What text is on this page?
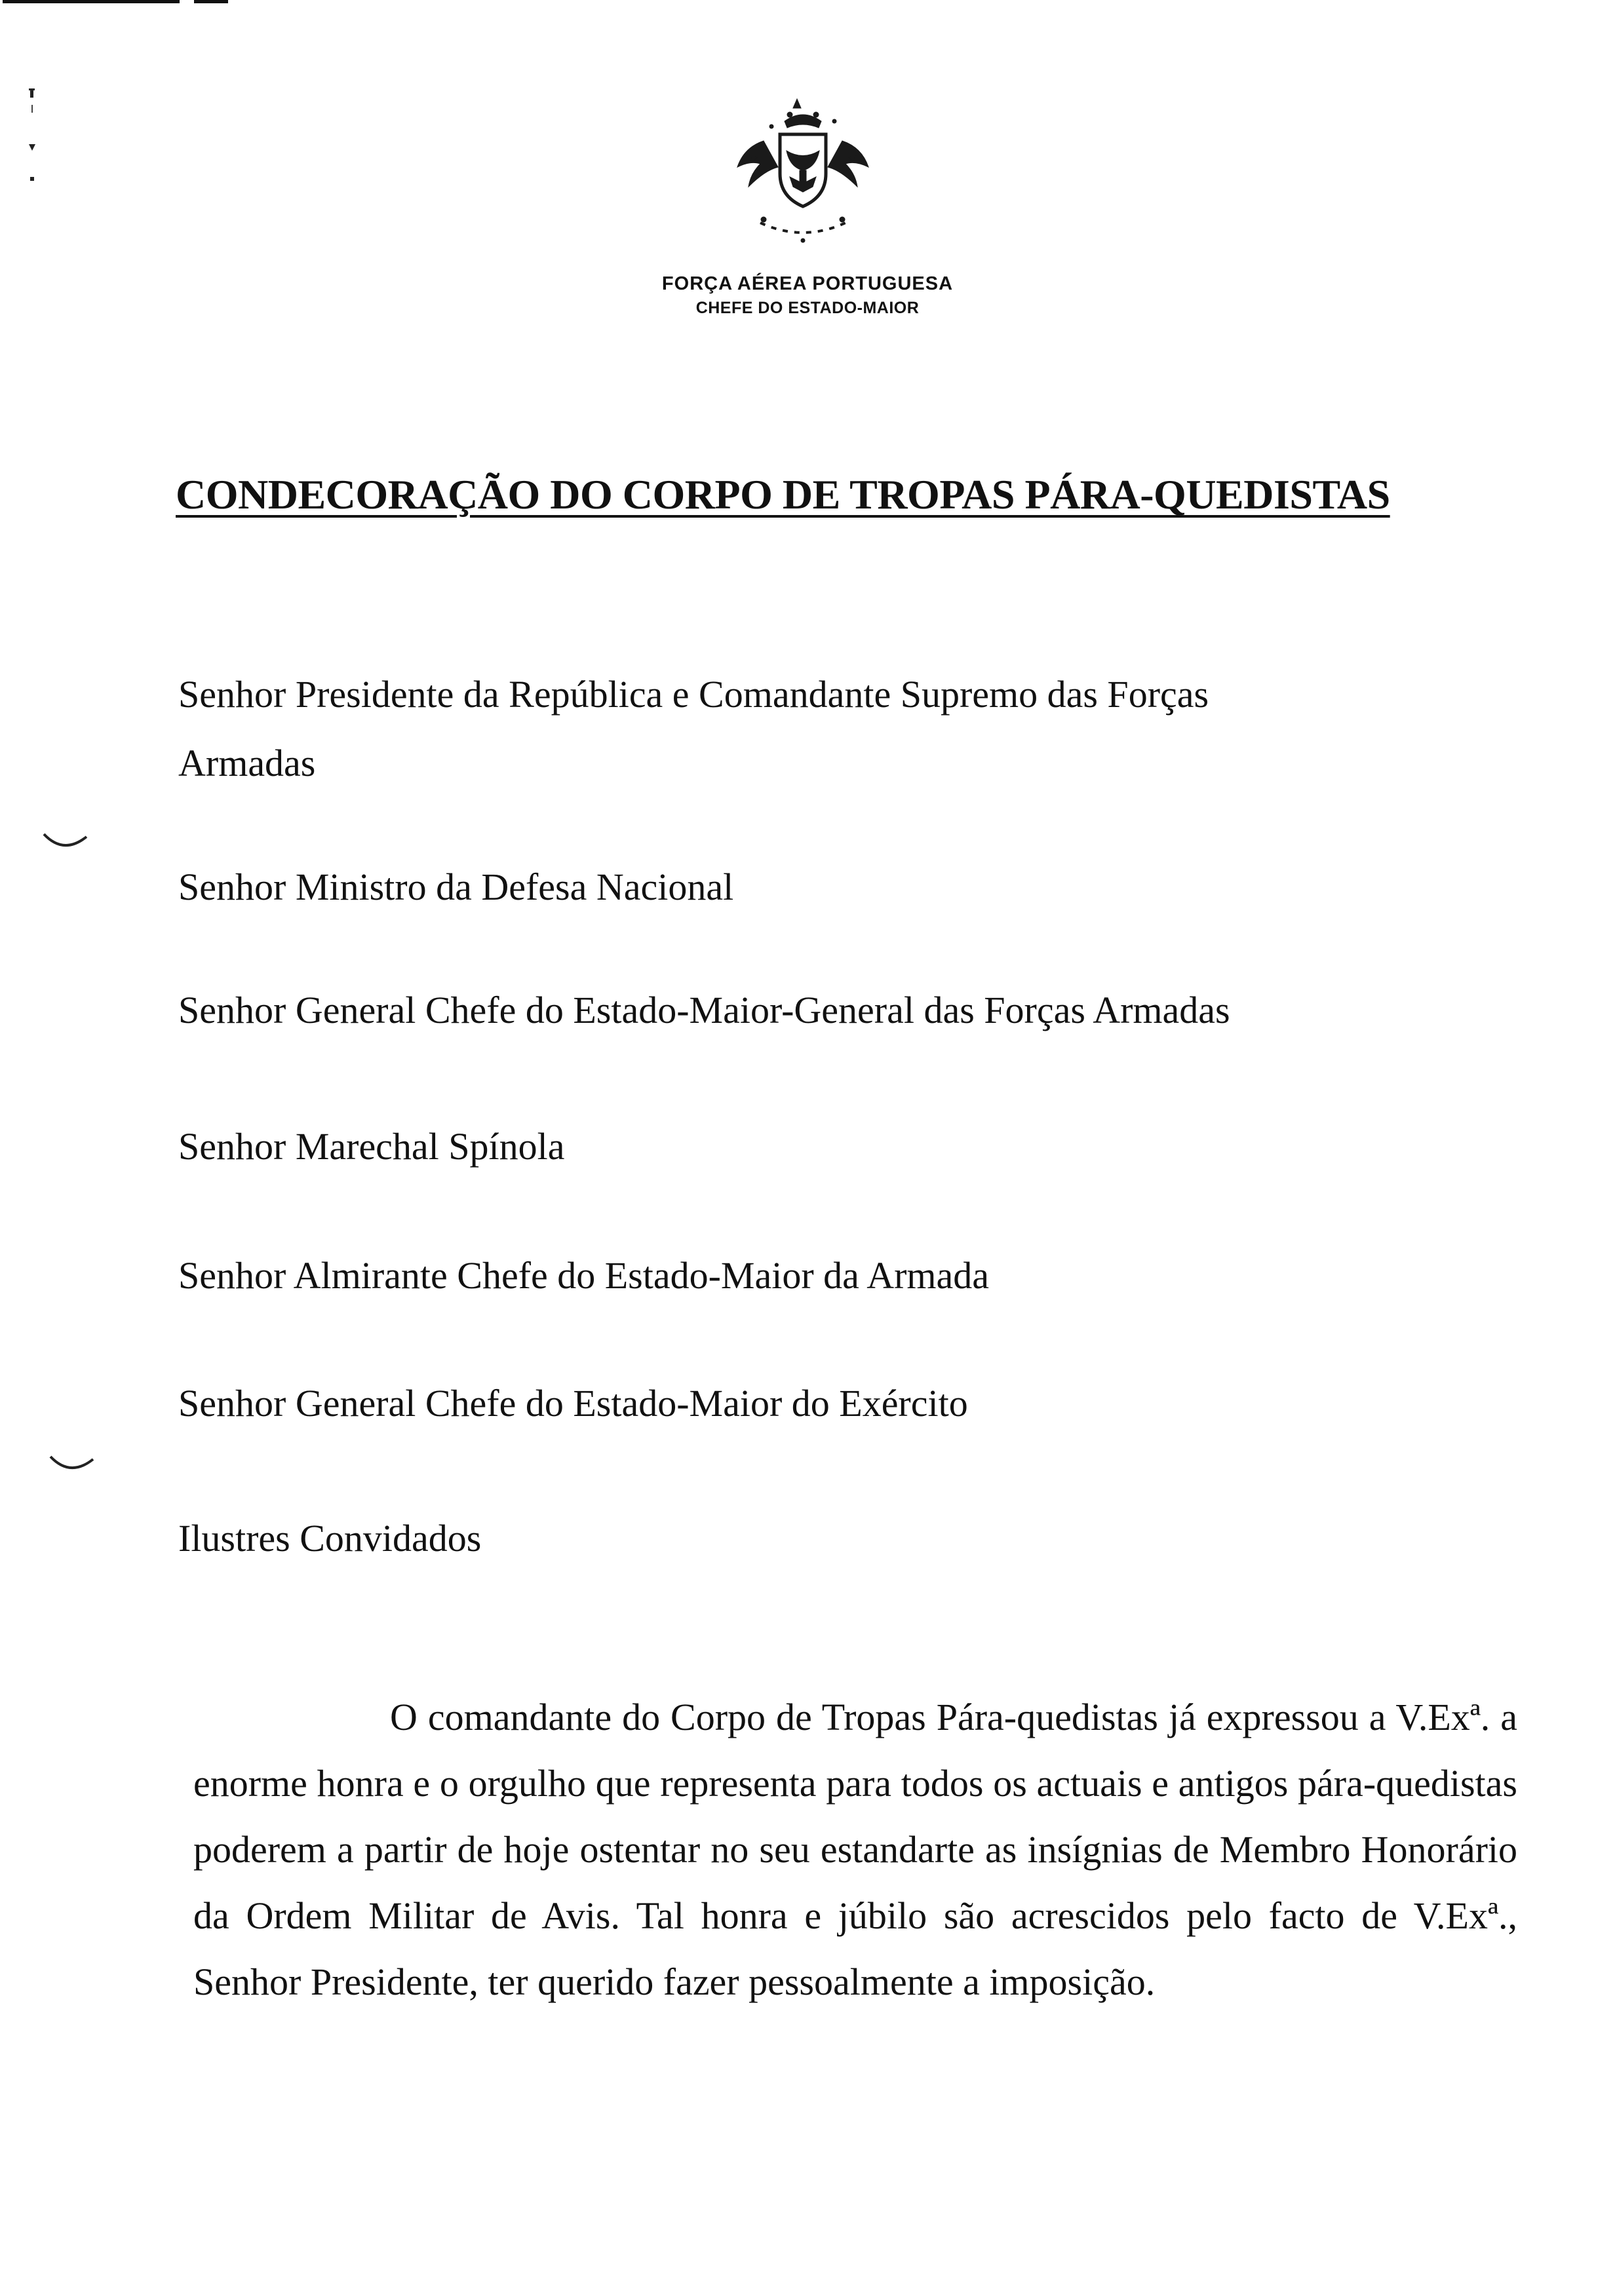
FORÇA AÉREA PORTUGUESA
CHEFE DO ESTADO-MAIOR
CONDECORAÇÃO DO CORPO DE TROPAS PÁRA-QUEDISTAS
Senhor Presidente da República e Comandante Supremo das Forças
Armadas
Senhor Ministro da Defesa Nacional
Senhor General Chefe do Estado-Maior-General das Forças Armadas
Senhor Marechal Spínola
Senhor Almirante Chefe do Estado-Maior da Armada
Senhor General Chefe do Estado-Maior do Exército
Ilustres Convidados
O comandante do Corpo de Tropas Pára-quedistas já expressou a V.Exª. a enorme honra e o orgulho que representa para todos os actuais e antigos pára-quedistas poderem a partir de hoje ostentar no seu estandarte as insígnias de Membro Honorário da Ordem Militar de Avis. Tal honra e júbilo são acrescidos pelo facto de V.Exª., Senhor Presidente, ter querido fazer pessoalmente a imposição.
